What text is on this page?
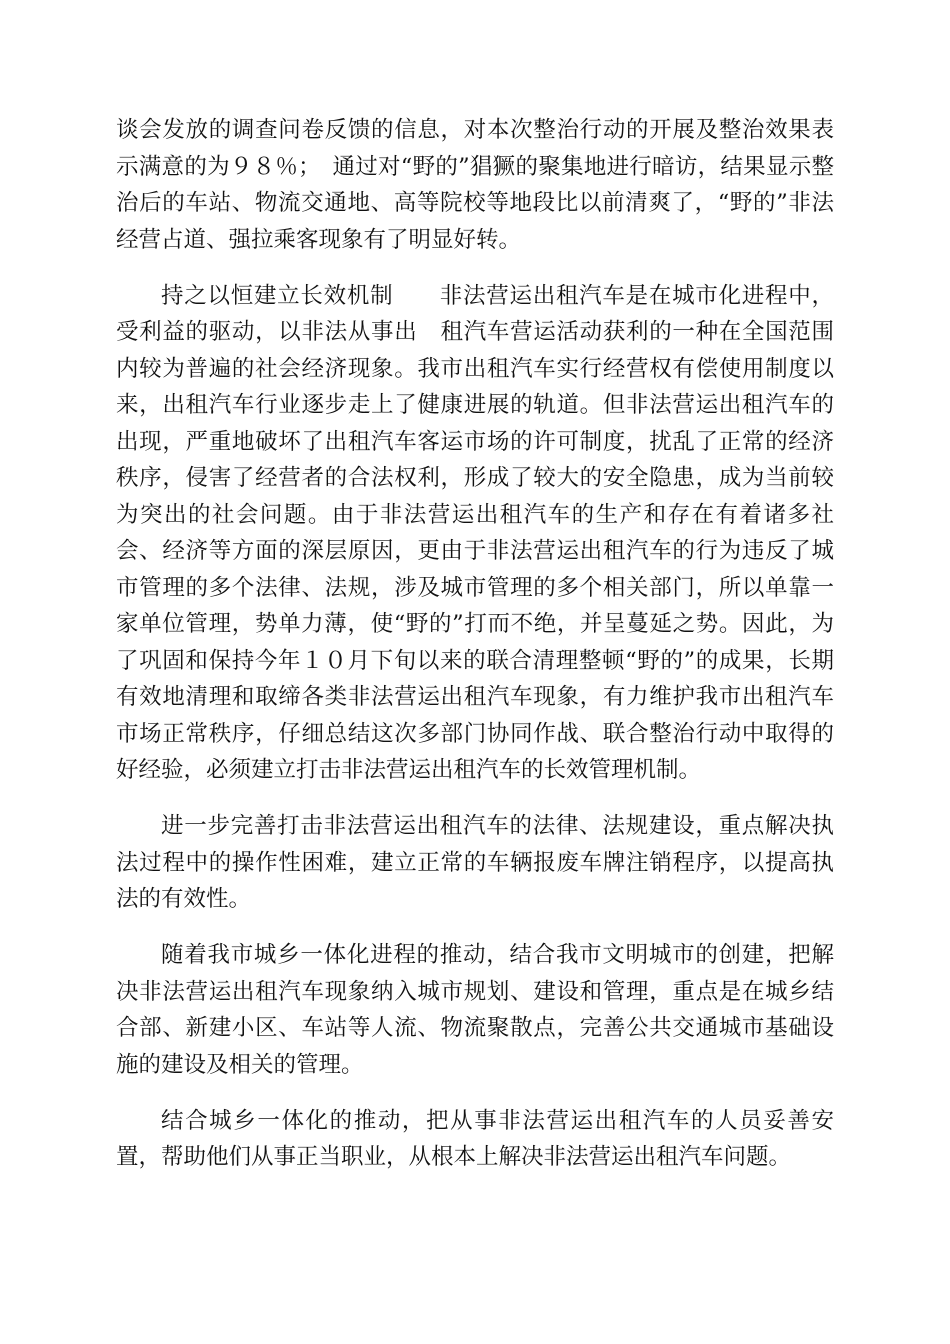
谈会发放的调查问卷反馈的信息，对本次整治行动的开展及整治效果表示满意的为９８％；　通过对“野的”猖獗的聚集地进行暗访，结果显示整治后的车站、物流交通地、高等院校等地段比以前清爽了，“野的”非法经营占道、强拉乘客现象有了明显好转。

持之以恒建立长效机制　　非法营运出租汽车是在城市化进程中，受利益的驱动，以非法从事出　租汽车营运活动获利的一种在全国范围内较为普遍的社会经济现象。我市出租汽车实行经营权有偿使用制度以来，出租汽车行业逐步走上了健康进展的轨道。但非法营运出租汽车的出现，严重地破坏了出租汽车客运市场的许可制度，扰乱了正常的经济秩序，侵害了经营者的合法权利，形成了较大的安全隐患，成为当前较为突出的社会问题。由于非法营运出租汽车的生产和存在有着诸多社会、经济等方面的深层原因，更由于非法营运出租汽车的行为违反了城市管理的多个法律、法规，涉及城市管理的多个相关部门，所以单靠一家单位管理，势单力薄，使“野的”打而不绝，并呈蔓延之势。因此，为了巩固和保持今年１０月下旬以来的联合清理整顿“野的”的成果，长期有效地清理和取缔各类非法营运出租汽车现象，有力维护我市出租汽车市场正常秩序，仔细总结这次多部门协同作战、联合整治行动中取得的好经验，必须建立打击非法营运出租汽车的长效管理机制。

进一步完善打击非法营运出租汽车的法律、法规建设，重点解决执法过程中的操作性困难，建立正常的车辆报废车牌注销程序，以提高执法的有效性。

随着我市城乡一体化进程的推动，结合我市文明城市的创建，把解决非法营运出租汽车现象纳入城市规划、建设和管理，重点是在城乡结合部、新建小区、车站等人流、物流聚散点，完善公共交通城市基础设施的建设及相关的管理。

结合城乡一体化的推动，把从事非法营运出租汽车的人员妥善安置，帮助他们从事正当职业，从根本上解决非法营运出租汽车问题。
